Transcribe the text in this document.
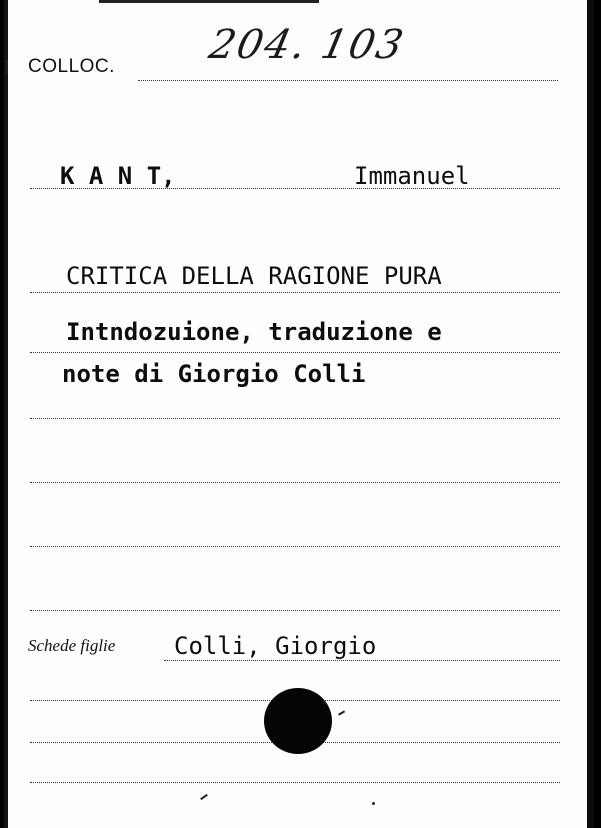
COLLOC. 204. 103
K A N T,	Immanuel
CRITICA DELLA RAGIONE PURA
Intndozuione, traduzione e
note di Giorgio Colli
Schede figlie Colli, Giorgio
